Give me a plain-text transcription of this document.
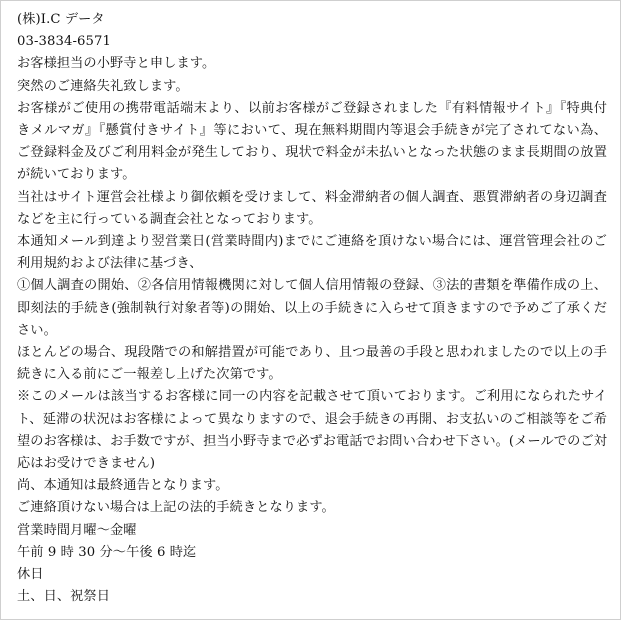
(株)I.C データ
03-3834-6571
お客様担当の小野寺と申します。
突然のご連絡失礼致します。
お客様がご使用の携帯電話端末より、以前お客様がご登録されました『有料情報サイト』『特典付きメルマガ』『懸賞付きサイト』等において、現在無料期間内等退会手続きが完了されてない為、ご登録料金及びご利用料金が発生しており、現状で料金が未払いとなった状態のまま長期間の放置が続いております。
当社はサイト運営会社様より御依頼を受けまして、料金滞納者の個人調査、悪質滞納者の身辺調査などを主に行っている調査会社となっております。
本通知メール到達より翌営業日(営業時間内)までにご連絡を頂けない場合には、運営管理会社のご利用規約および法律に基づき、
①個人調査の開始、②各信用情報機関に対して個人信用情報の登録、③法的書類を準備作成の上、即刻法的手続き(強制執行対象者等)の開始、以上の手続きに入らせて頂きますので予めご了承ください。
ほとんどの場合、現段階での和解措置が可能であり、且つ最善の手段と思われましたので以上の手続きに入る前にご一報差し上げた次第です。
※このメールは該当するお客様に同一の内容を記載させて頂いております。ご利用になられたサイト、延滞の状況はお客様によって異なりますので、退会手続きの再開、お支払いのご相談等をご希望のお客様は、お手数ですが、担当小野寺まで必ずお電話でお問い合わせ下さい。(メールでのご対応はお受けできません)
尚、本通知は最終通告となります。
ご連絡頂けない場合は上記の法的手続きとなります。
営業時間月曜～金曜
午前 9 時 30 分～午後 6 時迄
休日
土、日、祝祭日
